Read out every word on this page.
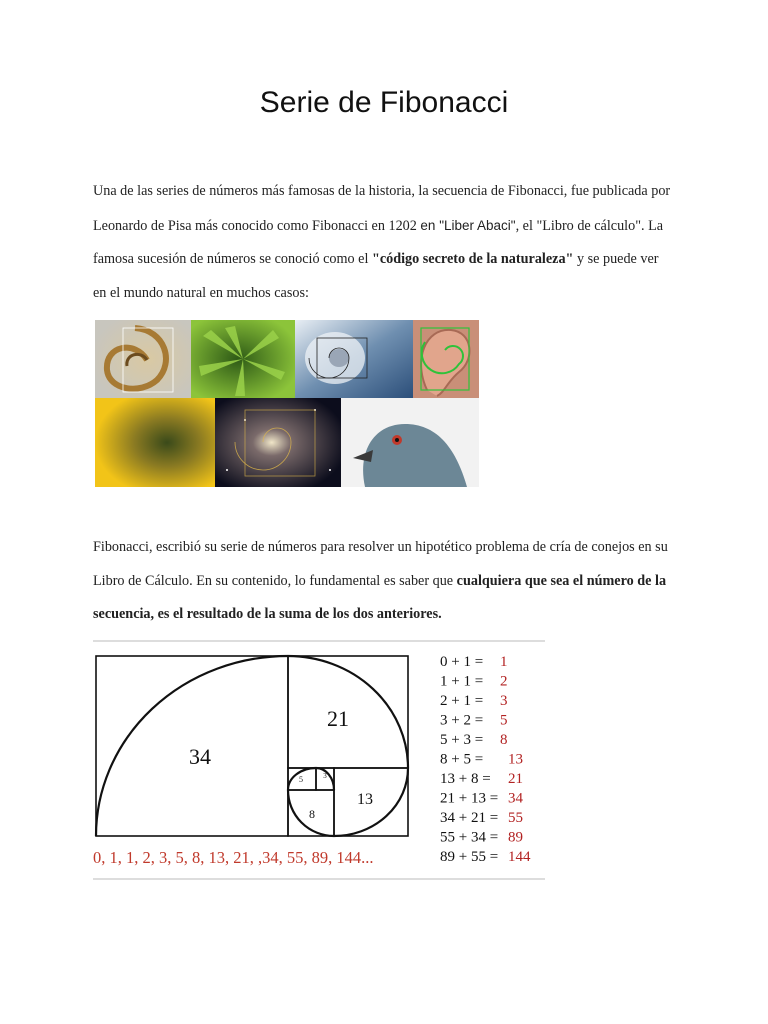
Serie de Fibonacci

Una de las series de números más famosas de la historia, la secuencia de Fibonacci, fue publicada por Leonardo de Pisa más conocido como Fibonacci en 1202 en "Liber Abaci", el "Libro de cálculo". La famosa sucesión de números se conoció como el "código secreto de la naturaleza" y se puede ver en el mundo natural en muchos casos:

Fibonacci, escribió su serie de números para resolver un hipotético problema de cría de conejos en su Libro de Cálculo. En su contenido, lo fundamental es saber que cualquiera que sea el número de la secuencia, es el resultado de la suma de los dos anteriores.

34
21
13
8
5	3
0, 1, 1, 2, 3, 5, 8, 13, 21, ,34, 55, 89, 144...
0 + 1 = 1
1 + 1 = 2
2 + 1 = 3
3 + 2 = 5
5 + 3 = 8
8 + 5 = 13
13 + 8 = 21
21 + 13 = 34
34 + 21 = 55
55 + 34 = 89
89 + 55 = 144
